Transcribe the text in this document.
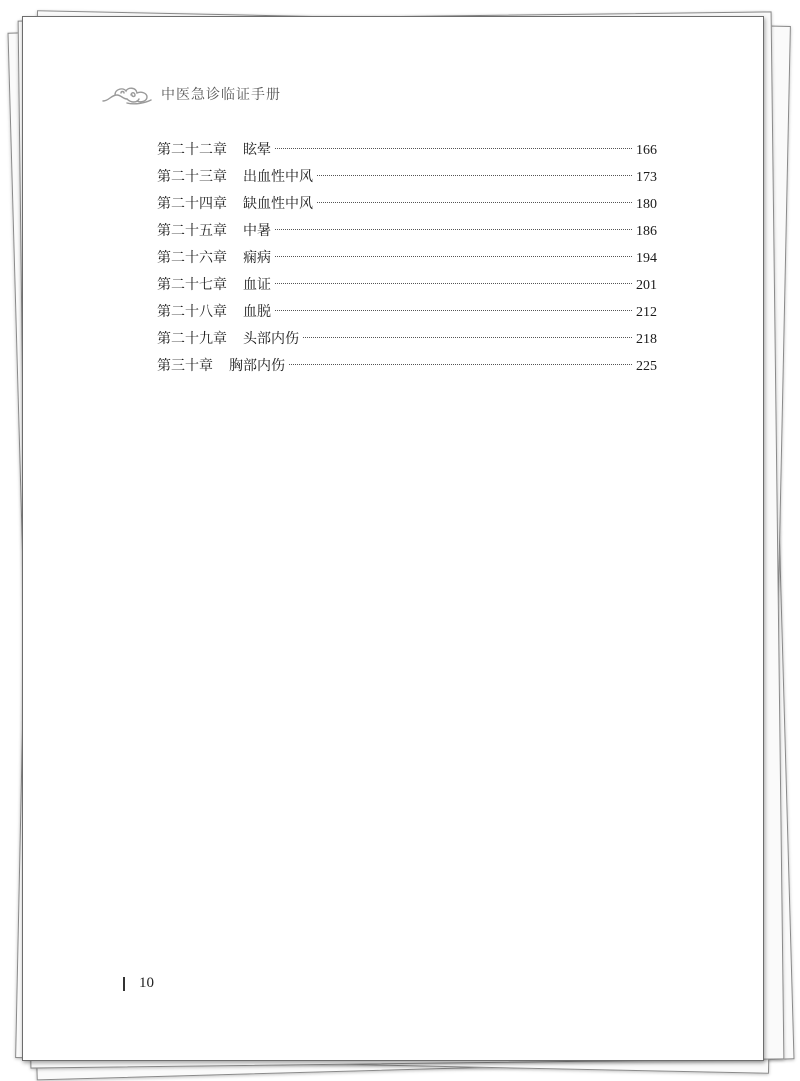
中医急诊临证手册
第二十二章 眩晕	166
第二十三章 出血性中风	173
第二十四章 缺血性中风	180
第二十五章 中暑	186
第二十六章 痫病	194
第二十七章 血证	201
第二十八章 血脱	212
第二十九章 头部内伤	218
第三十章 胸部内伤	225
10
